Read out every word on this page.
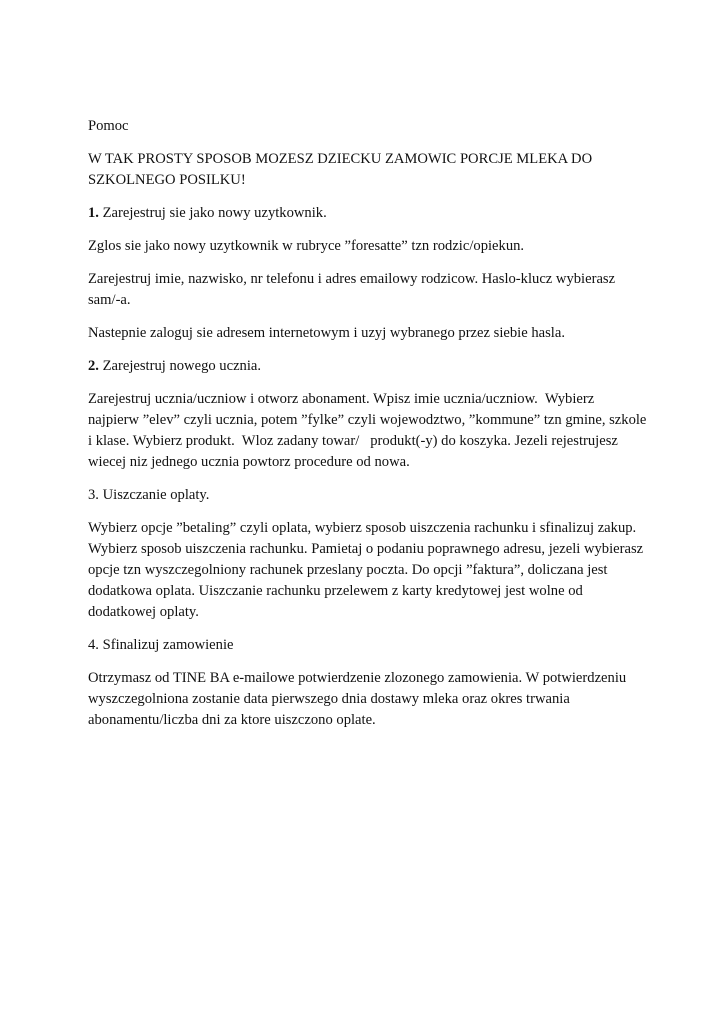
Pomoc

W TAK PROSTY SPOSOB MOZESZ DZIECKU ZAMOWIC PORCJE MLEKA DO SZKOLNEGO POSILKU!

1. Zarejestruj sie jako nowy uzytkownik.

Zglos sie jako nowy uzytkownik w rubryce ”foresatte” tzn rodzic/opiekun.

Zarejestruj imie, nazwisko, nr telefonu i adres emailowy rodzicow. Haslo-klucz wybierasz sam/-a.

Nastepnie zaloguj sie adresem internetowym i uzyj wybranego przez siebie hasla.

2. Zarejestruj nowego ucznia.

Zarejestruj ucznia/uczniow i otworz abonament. Wpisz imie ucznia/uczniow.  Wybierz najpierw ”elev” czyli ucznia, potem ”fylke” czyli wojewodztwo, ”kommune” tzn gmine, szkole i klase. Wybierz produkt.  Wloz zadany towar/   produkt(-y) do koszyka. Jezeli rejestrujesz wiecej niz jednego ucznia powtorz procedure od nowa.

3. Uiszczanie oplaty.

Wybierz opcje ”betaling” czyli oplata, wybierz sposob uiszczenia rachunku i sfinalizuj zakup. Wybierz sposob uiszczenia rachunku. Pamietaj o podaniu poprawnego adresu, jezeli wybierasz opcje tzn wyszczegolniony rachunek przeslany poczta. Do opcji ”faktura”, doliczana jest dodatkowa oplata. Uiszczanie rachunku przelewem z karty kredytowej jest wolne od dodatkowej oplaty.

4. Sfinalizuj zamowienie

Otrzymasz od TINE BA e-mailowe potwierdzenie zlozonego zamowienia. W potwierdzeniu wyszczegolniona zostanie data pierwszego dnia dostawy mleka oraz okres trwania abonamentu/liczba dni za ktore uiszczono oplate.
